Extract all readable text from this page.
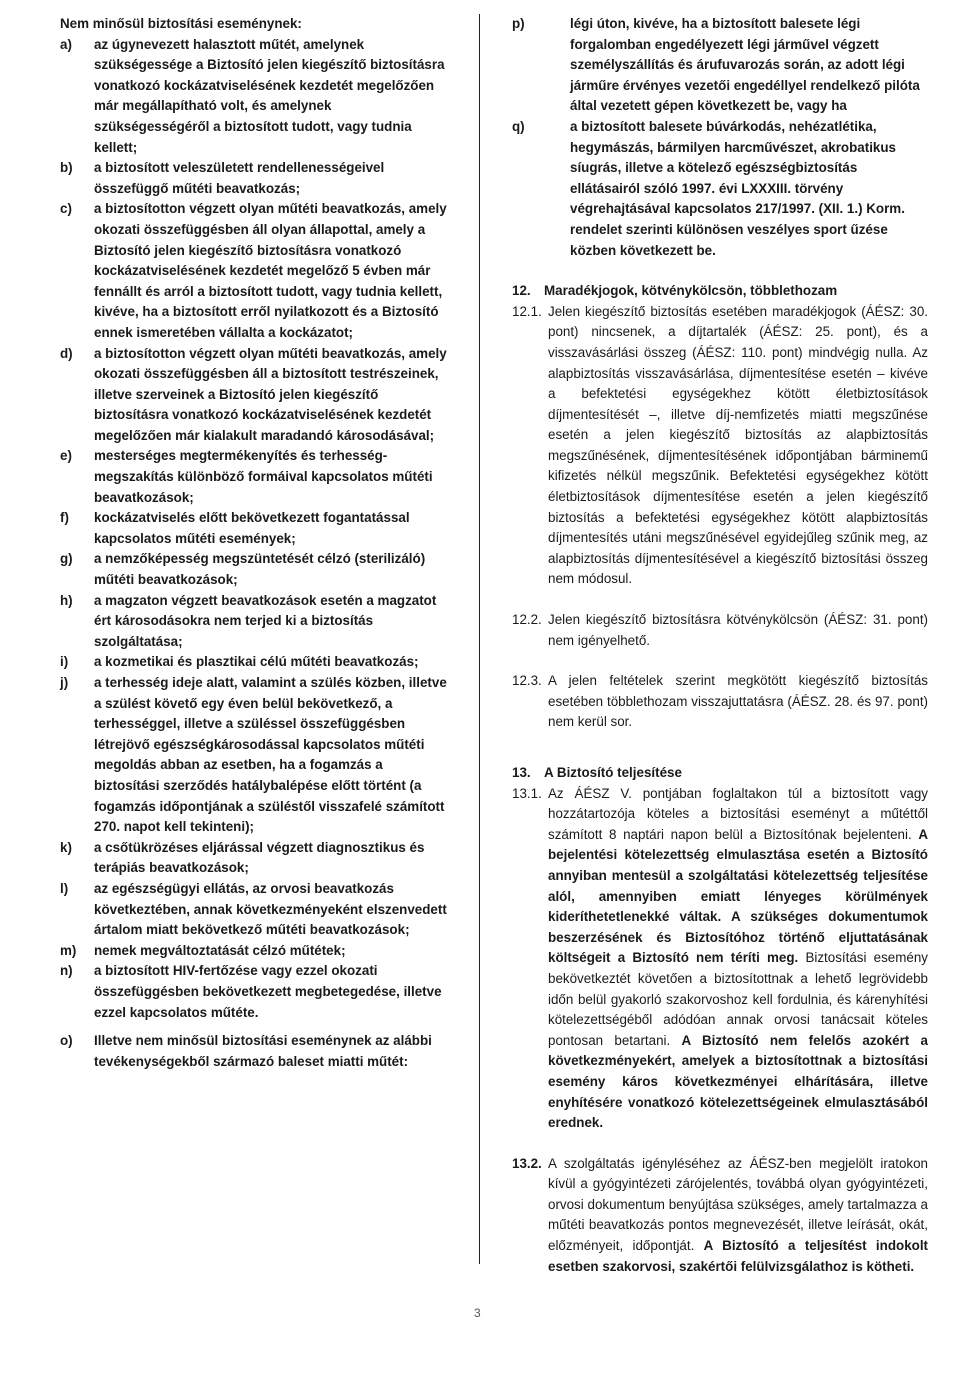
Nem minősül biztosítási eseménynek:
a)	az úgynevezett halasztott műtét, amelynek szükségessége a Biztosító jelen kiegészítő biztosításra vonatkozó kockázatviselésének kezdetét megelőzően már megállapítható volt, és amelynek szükségességéről a biztosított tudott, vagy tudnia kellett;
b)	a biztosított veleszületett rendellenességeivel összefüggő műtéti beavatkozás;
c)	a biztosítotton végzett olyan műtéti beavatkozás, amely okozati összefüggésben áll olyan állapottal, amely a Biztosító jelen kiegészítő biztosításra vonatkozó kockázatviselésének kezdetét megelőző 5 évben már fennállt és arról a biztosított tudott, vagy tudnia kellett, kivéve, ha a biztosított erről nyilatkozott és a Biztosító ennek ismeretében vállalta a kockázatot;
d)	a biztosítotton végzett olyan műtéti beavatkozás, amely okozati összefüggésben áll a biztosított testrészeinek, illetve szerveinek a Biztosító jelen kiegészítő biztosításra vonatkozó kockázatviselésének kezdetét megelőzően már kialakult maradandó károsodásával;
e)	mesterséges megtermékenyítés és terhesség-megszakítás különböző formáival kapcsolatos műtéti beavatkozások;
f)	kockázatviselés előtt bekövetkezett fogantatással kapcsolatos műtéti események;
g)	a nemzőképesség megszüntetését célzó (sterilizáló) műtéti beavatkozások;
h)	a magzaton végzett beavatkozások esetén a magzatot ért károsodásokra nem terjed ki a biztosítás szolgáltatása;
i)	a kozmetikai és plasztikai célú műtéti beavatkozás;
j)	a terhesség ideje alatt, valamint a szülés közben, illetve a szülést követő egy éven belül bekövetkező, a terhességgel, illetve a szüléssel összefüggésben létrejövő egészségkárosodással kapcsolatos műtéti megoldás abban az esetben, ha a fogamzás a biztosítási szerződés hatálybalépése előtt történt (a fogamzás időpontjának a szüléstől visszafelé számított 270. napot kell tekinteni);
k)	a csőtükrözéses eljárással végzett diagnosztikus és terápiás beavatkozások;
l)	az egészségügyi ellátás, az orvosi beavatkozás következtében, annak következményeként elszenvedett ártalom miatt bekövetkező műtéti beavatkozások;
m)	nemek megváltoztatását célzó műtétek;
n)	a biztosított HIV-fertőzése vagy ezzel okozati összefüggésben bekövetkezett megbetegedése, illetve ezzel kapcsolatos műtéte.
o)	Illetve nem minősül biztosítási eseménynek az alábbi tevékenységekből származó baleset miatti műtét:
p)	légi úton, kivéve, ha a biztosított balesete légi forgalomban engedélyezett légi járművel végzett személyszállítás és árufuvarozás során, az adott légi járműre érvényes vezetői engedéllyel rendelkező pilóta által vezetett gépen következett be, vagy ha
q)	a biztosított balesete búvárkodás, nehézatlétika, hegymászás, bármilyen harcművészet, akrobatikus síugrás, illetve a kötelező egészségbiztosítás ellátásairól szóló 1997. évi LXXXIII. törvény végrehajtásával kapcsolatos 217/1997. (XII. 1.) Korm. rendelet szerinti különösen veszélyes sport űzése közben következett be.
12. Maradékjogok, kötvénykölcsön, többlethozam
12.1. Jelen kiegészítő biztosítás esetében maradékjogok (ÁÉSZ: 30. pont) nincsenek, a díjtartalék (ÁÉSZ: 25. pont), és a visszavásárlási összeg (ÁÉSZ: 110. pont) mindvégig nulla. Az alapbiztosítás visszavásárlása, díjmentesítése esetén – kivéve a befektetési egységekhez kötött életbiztosítások díjmentesítését –, illetve díj-nemfizetés miatti megszűnése esetén a jelen kiegészítő biztosítás az alapbiztosítás megszűnésének, díjmentesítésének időpontjában bárminemű kifizetés nélkül megszűnik. Befektetési egységekhez kötött életbiztosítások díjmentesítése esetén a jelen kiegészítő biztosítás a befektetési egységekhez kötött alapbiztosítás díjmentesítés utáni megszűnésével egyidejűleg szűnik meg, az alapbiztosítás díjmentesítésével a kiegészítő biztosítási összeg nem módosul.
12.2. Jelen kiegészítő biztosításra kötvénykölcsön (ÁÉSZ: 31. pont) nem igényelhető.
12.3. A jelen feltételek szerint megkötött kiegészítő biztosítás esetében többlethozam visszajuttatásra (ÁÉSZ. 28. és 97. pont) nem kerül sor.
13. A Biztosító teljesítése
13.1. Az ÁÉSZ V. pontjában foglaltakon túl a biztosított vagy hozzátartozója köteles a biztosítási eseményt a műtéttől számított 8 naptári napon belül a Biztosítónak bejelenteni. A bejelentési kötelezettség elmulasztása esetén a Biztosító annyiban mentesül a szolgáltatási kötelezettség teljesítése alól, amennyiben emiatt lényeges körülmények kideríthetetlenekké váltak. A szükséges dokumentumok beszerzésének és Biztosítóhoz történő eljuttatásának költségeit a Biztosító nem téríti meg. Biztosítási esemény bekövetkeztét követően a biztosítottnak a lehető legrövidebb időn belül gyakorló szakorvoshoz kell fordulnia, és kárenyhítési kötelezettségéből adódóan annak orvosi tanácsait köteles pontosan betartani. A Biztosító nem felelős azokért a következményekért, amelyek a biztosítottnak a biztosítási esemény káros következményei elhárítására, illetve enyhítésére vonatkozó kötelezettségeinek elmulasztásából erednek.
13.2. A szolgáltatás igényléséhez az ÁÉSZ-ben megjelölt iratokon kívül a gyógyintézeti zárójelentés, továbbá olyan gyógyintézeti, orvosi dokumentum benyújtása szükséges, amely tartalmazza a műtéti beavatkozás pontos megnevezését, illetve leírását, okát, előzményeit, időpontját. A Biztosító a teljesítést indokolt esetben szakorvosi, szakértői felülvizsgálathoz is kötheti.
3
